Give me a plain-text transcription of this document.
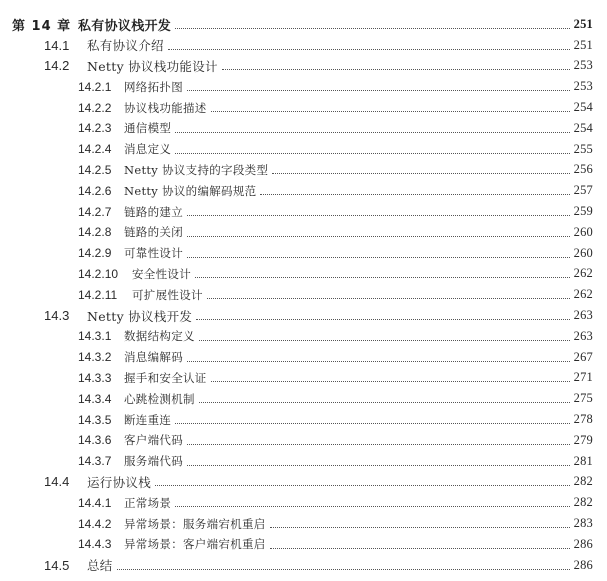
第 14 章 私有协议栈开发	251
14.1	私有协议介绍	251
14.2	Netty 协议栈功能设计	253
14.2.1	网络拓扑图	253
14.2.2	协议栈功能描述	254
14.2.3	通信模型	254
14.2.4	消息定义	255
14.2.5	Netty 协议支持的字段类型	256
14.2.6	Netty 协议的编解码规范	257
14.2.7	链路的建立	259
14.2.8	链路的关闭	260
14.2.9	可靠性设计	260
14.2.10	安全性设计	262
14.2.11	可扩展性设计	262
14.3	Netty 协议栈开发	263
14.3.1	数据结构定义	263
14.3.2	消息编解码	267
14.3.3	握手和安全认证	271
14.3.4	心跳检测机制	275
14.3.5	断连重连	278
14.3.6	客户端代码	279
14.3.7	服务端代码	281
14.4	运行协议栈	282
14.4.1	正常场景	282
14.4.2	异常场景：服务端宕机重启	283
14.4.3	异常场景：客户端宕机重启	286
14.5	总结	286
